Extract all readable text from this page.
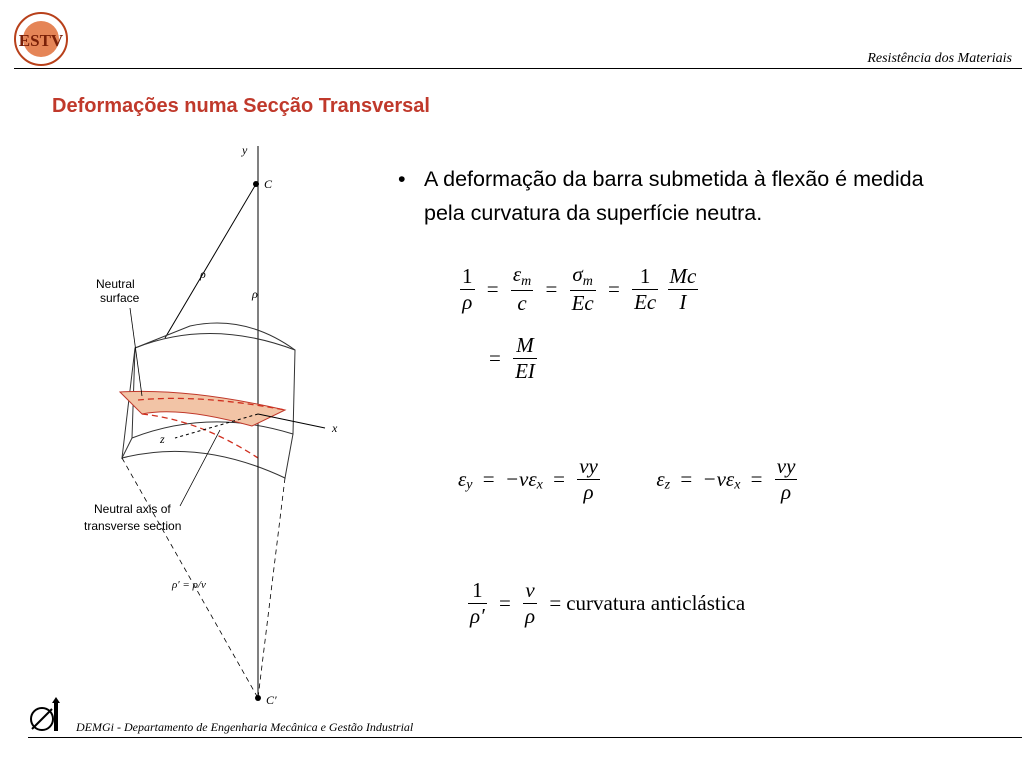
ESTV
Resistência dos Materiais
Deformações numa Secção Transversal
y
C
ρ
ρ
x
z
Neutral
surface
Neutral axis of
transverse section
ρ′ = ρ/ν
C′
• A deformação da barra submetida à flexão é medida pela curvatura da superfície neutra.
$\frac{1}{\rho} = \frac{\varepsilon_m}{c} = \frac{\sigma_m}{Ec} = \frac{1}{Ec}$
$\frac{Mc}{I}$
= $\frac{M}{EI}$
$\varepsilon_y = -\nu\varepsilon_x = \frac{\nu y}{\rho}$	$\varepsilon_z = -\nu\varepsilon_x = \frac{\nu y}{\rho}$
$\frac{1}{\rho'} = \frac{\nu}{\rho}$ = curvatura anticlástica
DEMGi - Departamento de Engenharia Mecânica e Gestão Industrial
